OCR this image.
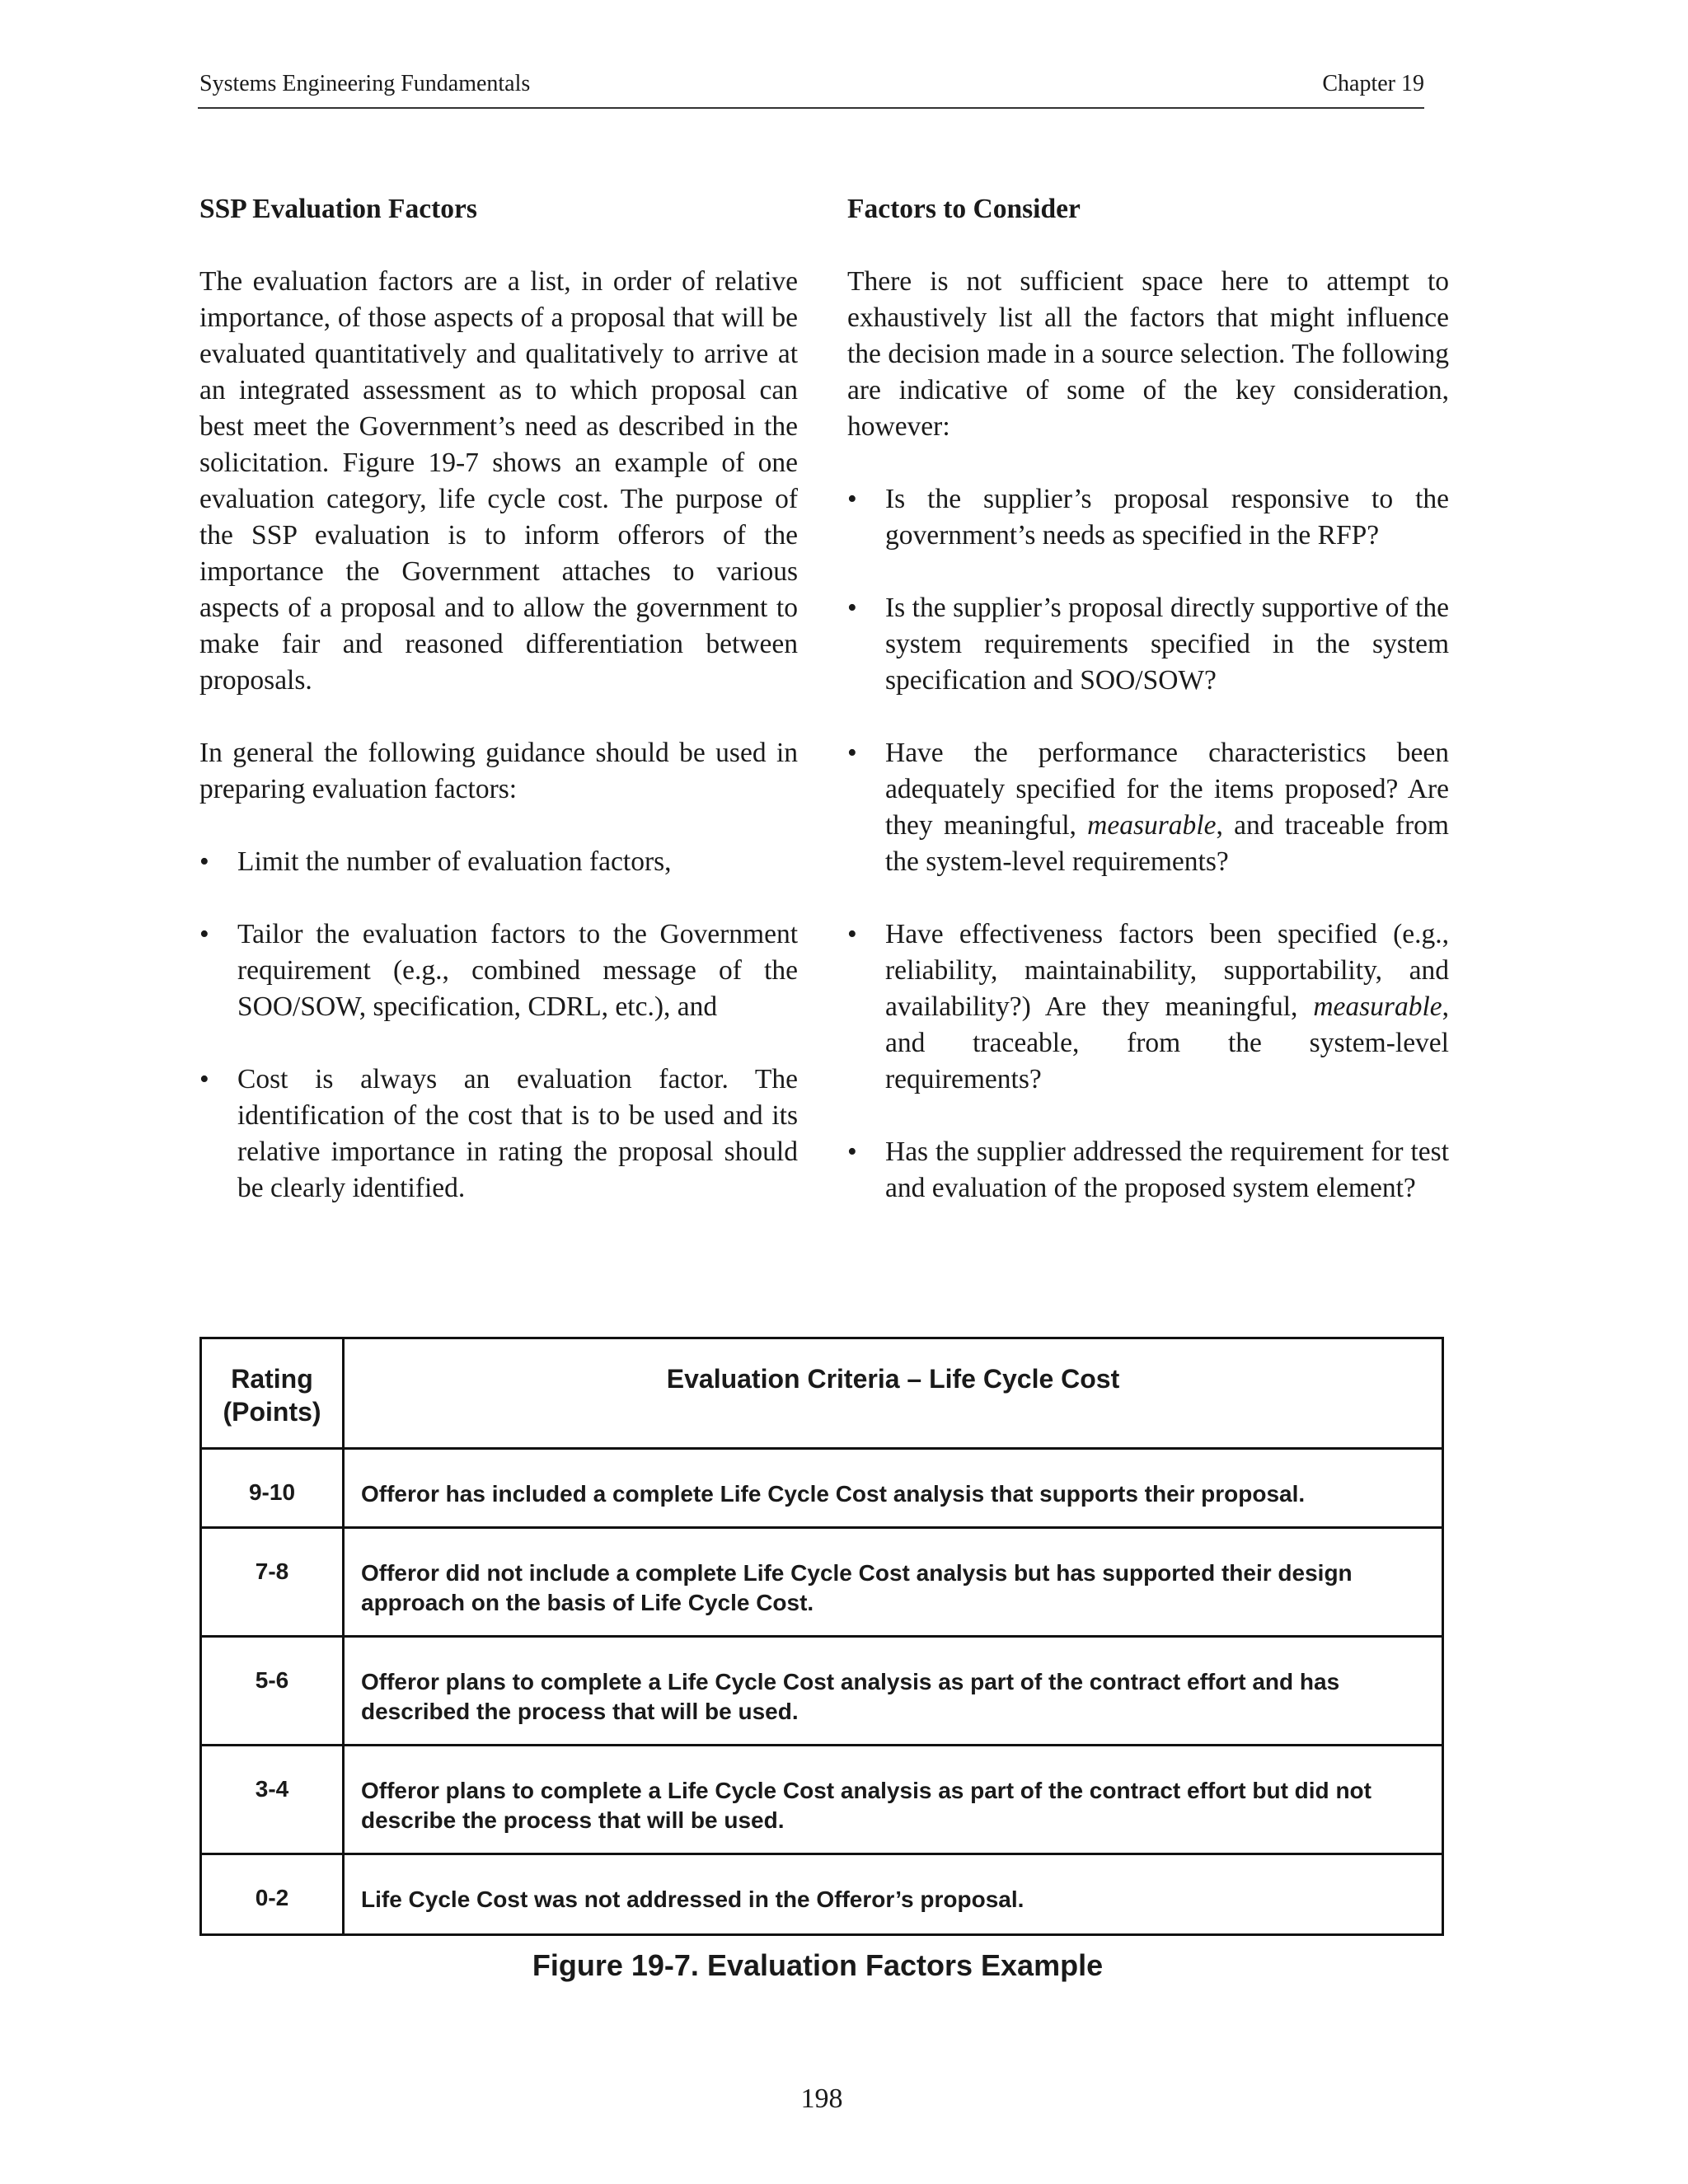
Systems Engineering Fundamentals	Chapter 19
SSP Evaluation Factors

The evaluation factors are a list, in order of relative importance, of those aspects of a proposal that will be evaluated quantitatively and qualitatively to arrive at an integrated assessment as to which proposal can best meet the Government’s need as described in the solicitation. Figure 19-7 shows an example of one evaluation category, life cycle cost. The purpose of the SSP evaluation is to inform offerors of the importance the Government attaches to various aspects of a proposal and to allow the government to make fair and reasoned differentiation between proposals.

In general the following guidance should be used in preparing evaluation factors:

• Limit the number of evaluation factors,
• Tailor the evaluation factors to the Government requirement (e.g., combined message of the SOO/SOW, specification, CDRL, etc.), and
• Cost is always an evaluation factor. The identification of the cost that is to be used and its relative importance in rating the proposal should be clearly identified.
Factors to Consider

There is not sufficient space here to attempt to exhaustively list all the factors that might influence the decision made in a source selection. The following are indicative of some of the key consideration, however:

• Is the supplier’s proposal responsive to the government’s needs as specified in the RFP?
• Is the supplier’s proposal directly supportive of the system requirements specified in the system specification and SOO/SOW?
• Have the performance characteristics been adequately specified for the items proposed? Are they meaningful, measurable, and traceable from the system-level requirements?
• Have effectiveness factors been specified (e.g., reliability, maintainability, supportability, and availability?) Are they meaningful, measurable, and traceable, from the system-level requirements?
• Has the supplier addressed the requirement for test and evaluation of the proposed system element?
Rating
(Points)	Evaluation Criteria – Life Cycle Cost
9-10	Offeror has included a complete Life Cycle Cost analysis that supports their proposal.
7-8	Offeror did not include a complete Life Cycle Cost analysis but has supported their design approach on the basis of Life Cycle Cost.
5-6	Offeror plans to complete a Life Cycle Cost analysis as part of the contract effort and has described the process that will be used.
3-4	Offeror plans to complete a Life Cycle Cost analysis as part of the contract effort but did not describe the process that will be used.
0-2	Life Cycle Cost was not addressed in the Offeror’s proposal.
Figure 19-7. Evaluation Factors Example
198
